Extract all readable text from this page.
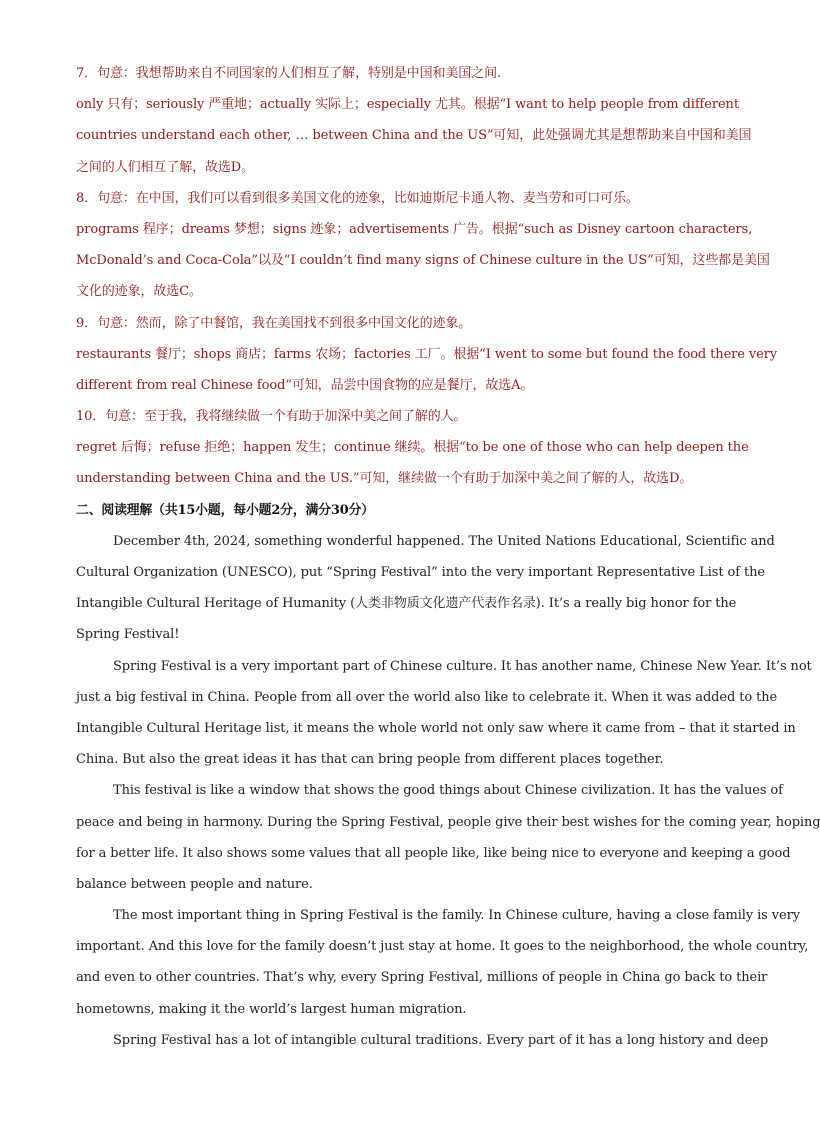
7．句意：我想帮助来自不同国家的人们相互了解，特别是中国和美国之间.

only 只有；seriously 严重地；actually 实际上；especially 尤其。根据“I want to help people from different

countries understand each other, … between China and the US”可知，此处强调尤其是想帮助来自中国和美国

之间的人们相互了解，故选D。

8．句意：在中国，我们可以看到很多美国文化的迹象，比如迪斯尼卡通人物、麦当劳和可口可乐。

programs 程序；dreams 梦想；signs 迹象；advertisements 广告。根据“such as Disney cartoon characters,

McDonald’s and Coca-Cola”以及“I couldn’t find many signs of Chinese culture in the US”可知，这些都是美国

文化的迹象，故选C。

9．句意：然而，除了中餐馆，我在美国找不到很多中国文化的迹象。

restaurants 餐厅；shops 商店；farms 农场；factories 工厂。根据“I went to some but found the food there very

different from real Chinese food”可知，品尝中国食物的应是餐厅，故选A。

10．句意：至于我，我将继续做一个有助于加深中美之间了解的人。

regret 后悔；refuse 拒绝；happen 发生；continue 继续。根据“to be one of those who can help deepen the

understanding between China and the US.”可知，继续做一个有助于加深中美之间了解的人，故选D。

二、阅读理解（共15小题，每小题2分，满分30分）

December 4th, 2024, something wonderful happened. The United Nations Educational, Scientific and

Cultural Organization (UNESCO), put “Spring Festival” into the very important Representative List of the

Intangible Cultural Heritage of Humanity (人类非物质文化遗产代表作名录). It’s a really big honor for the

Spring Festival!

Spring Festival is a very important part of Chinese culture. It has another name, Chinese New Year. It’s not

just a big festival in China. People from all over the world also like to celebrate it. When it was added to the

Intangible Cultural Heritage list, it means the whole world not only saw where it came from – that it started in

China. But also the great ideas it has that can bring people from different places together.

This festival is like a window that shows the good things about Chinese civilization. It has the values of

peace and being in harmony. During the Spring Festival, people give their best wishes for the coming year, hoping

for a better life. It also shows some values that all people like, like being nice to everyone and keeping a good

balance between people and nature.

The most important thing in Spring Festival is the family. In Chinese culture, having a close family is very

important. And this love for the family doesn’t just stay at home. It goes to the neighborhood, the whole country,

and even to other countries. That’s why, every Spring Festival, millions of people in China go back to their

hometowns, making it the world’s largest human migration.

Spring Festival has a lot of intangible cultural traditions. Every part of it has a long history and deep
